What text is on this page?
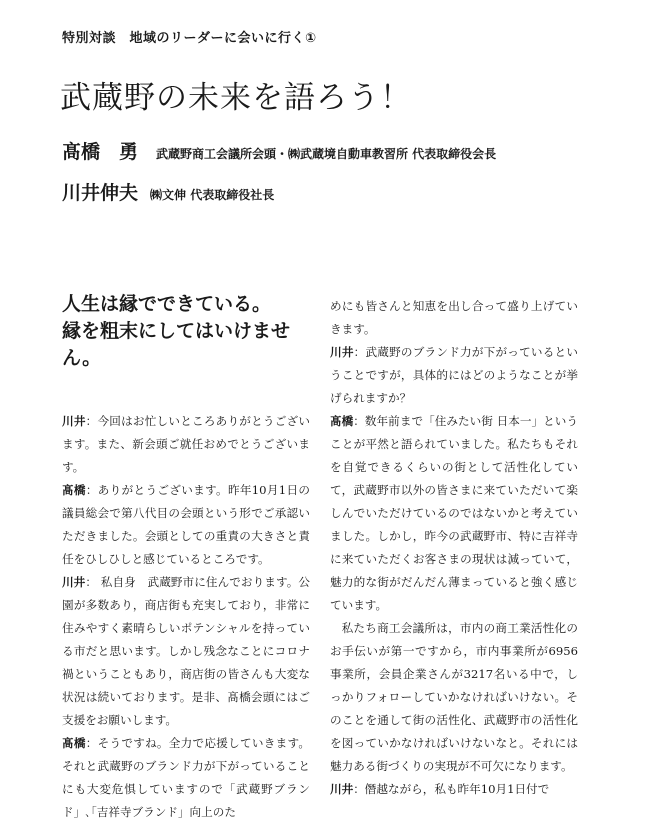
特別対談　地域のリーダーに会いに行く①
武蔵野の未来を語ろう！
髙橋　勇 武蔵野商工会議所会頭・㈱武蔵境自動車教習所 代表取締役会長
川井伸夫 ㈱文伸 代表取締役社長
人生は縁でできている。
縁を粗末にしてはいけません。

川井：今回はお忙しいところありがとうございます。また、新会頭ご就任おめでとうございます。

髙橋：ありがとうございます。昨年10月1日の議員総会で第八代目の会頭という形でご承認いただきました。会頭としての重責の大きさと責任をひしひしと感じているところです。

川井： 私自身　武蔵野市に住んでおります。公園が多数あり，商店街も充実しており，非常に住みやすく素晴らしいポテンシャルを持っている市だと思います。しかし残念なことにコロナ禍ということもあり，商店街の皆さんも大変な状況は続いております。是非、髙橋会頭にはご支援をお願いします。

髙橋：そうですね。全力で応援していきます。それと武蔵野のブランド力が下がっていることにも大変危惧していますので「武蔵野ブランド」､｢吉祥寺ブランド」向上のた

めにも皆さんと知恵を出し合って盛り上げていきます。

川井：武蔵野のブランド力が下がっているということですが，具体的にはどのようなことが挙げられますか？

髙橋：数年前まで「住みたい街 日本一」ということが平然と語られていました。私たちもそれを自覚できるくらいの街として活性化していて，武蔵野市以外の皆さまに来ていただいて楽しんでいただけているのではないかと考えていました。しかし，昨今の武蔵野市、特に吉祥寺に来ていただくお客さまの現状は減っていて，魅力的な街がだんだん薄まっていると強く感じています。

私たち商工会議所は，市内の商工業活性化のお手伝いが第一ですから，市内事業所が6956事業所，会員企業さんが3217名いる中で，しっかりフォローしていかなければいけない。そのことを通して街の活性化、武蔵野市の活性化を図っていかなければいけないなと。それには魅力ある街づくりの実現が不可欠になります。

川井：僭越ながら，私も昨年10月1日付で
